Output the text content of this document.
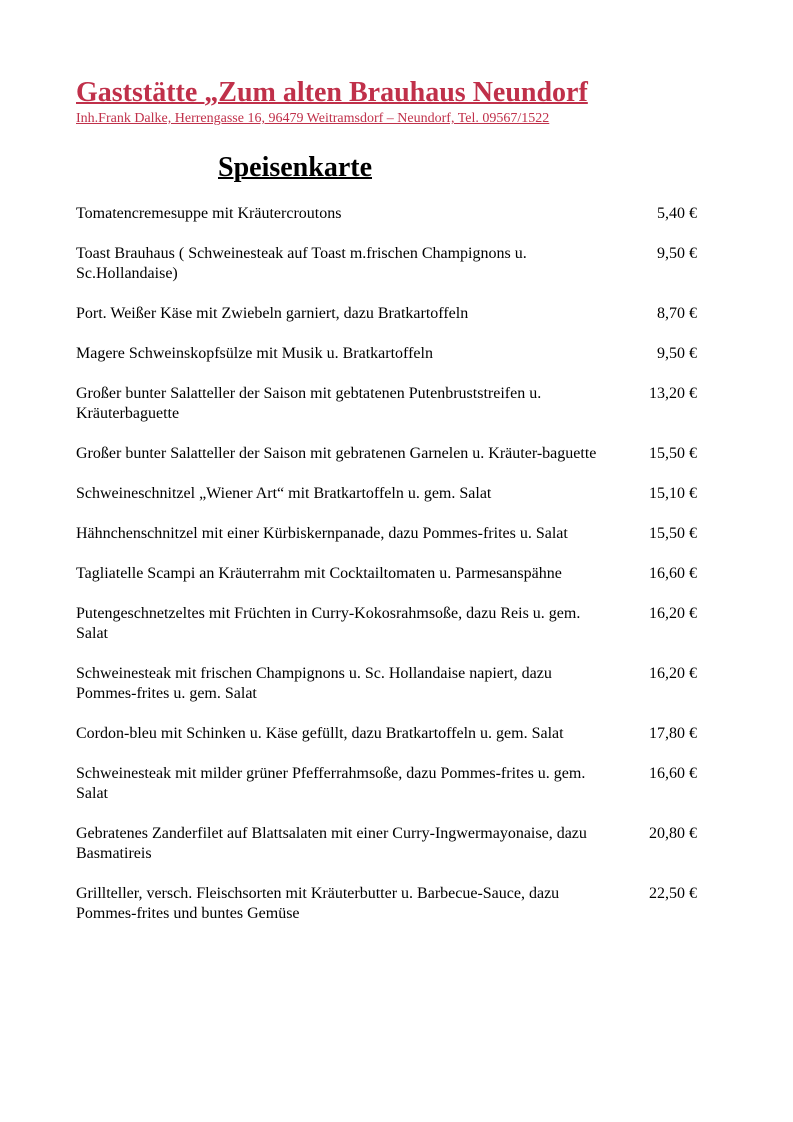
Gaststätte „Zum alten Brauhaus Neundorf

Inh.Frank Dalke, Herrengasse 16, 96479 Weitramsdorf – Neundorf, Tel. 09567/1522

Speisenkarte
Tomatencremesuppe mit Kräutercroutons	5,40 €
Toast Brauhaus ( Schweinesteak auf Toast m.frischen Champignons u. Sc.Hollandaise)
9,50 €
Port. Weißer Käse mit Zwiebeln garniert, dazu Bratkartoffeln	8,70 €
Magere Schweinskopfsülze mit Musik u. Bratkartoffeln	9,50 €
Großer bunter Salatteller der Saison mit gebtatenen Putenbruststreifen u. Kräuterbaguette
13,20 €
Großer bunter Salatteller der Saison mit gebratenen Garnelen u. Kräuter-baguette	15,50 €
Schweineschnitzel „Wiener Art“ mit Bratkartoffeln u. gem. Salat	15,10 €
Hähnchenschnitzel mit einer Kürbiskernpanade, dazu Pommes-frites u. Salat	15,50 €
Tagliatelle Scampi an Kräuterrahm mit Cocktailtomaten u. Parmesanspähne	16,60 €
Putengeschnetzeltes mit Früchten in Curry-Kokosrahmsoße, dazu Reis u. gem. Salat
16,20 €
Schweinesteak mit frischen Champignons u. Sc. Hollandaise napiert, dazu Pommes-frites u. gem. Salat
16,20 €
Cordon-bleu mit Schinken u. Käse gefüllt, dazu Bratkartoffeln u. gem. Salat	17,80 €
Schweinesteak mit milder grüner Pfefferrahmsoße, dazu Pommes-frites u. gem. Salat
16,60 €
Gebratenes Zanderfilet auf Blattsalaten mit einer Curry-Ingwermayonaise, dazu Basmatireis
20,80 €
Grillteller, versch. Fleischsorten mit Kräuterbutter u. Barbecue-Sauce, dazu Pommes-frites und buntes Gemüse
22,50 €
